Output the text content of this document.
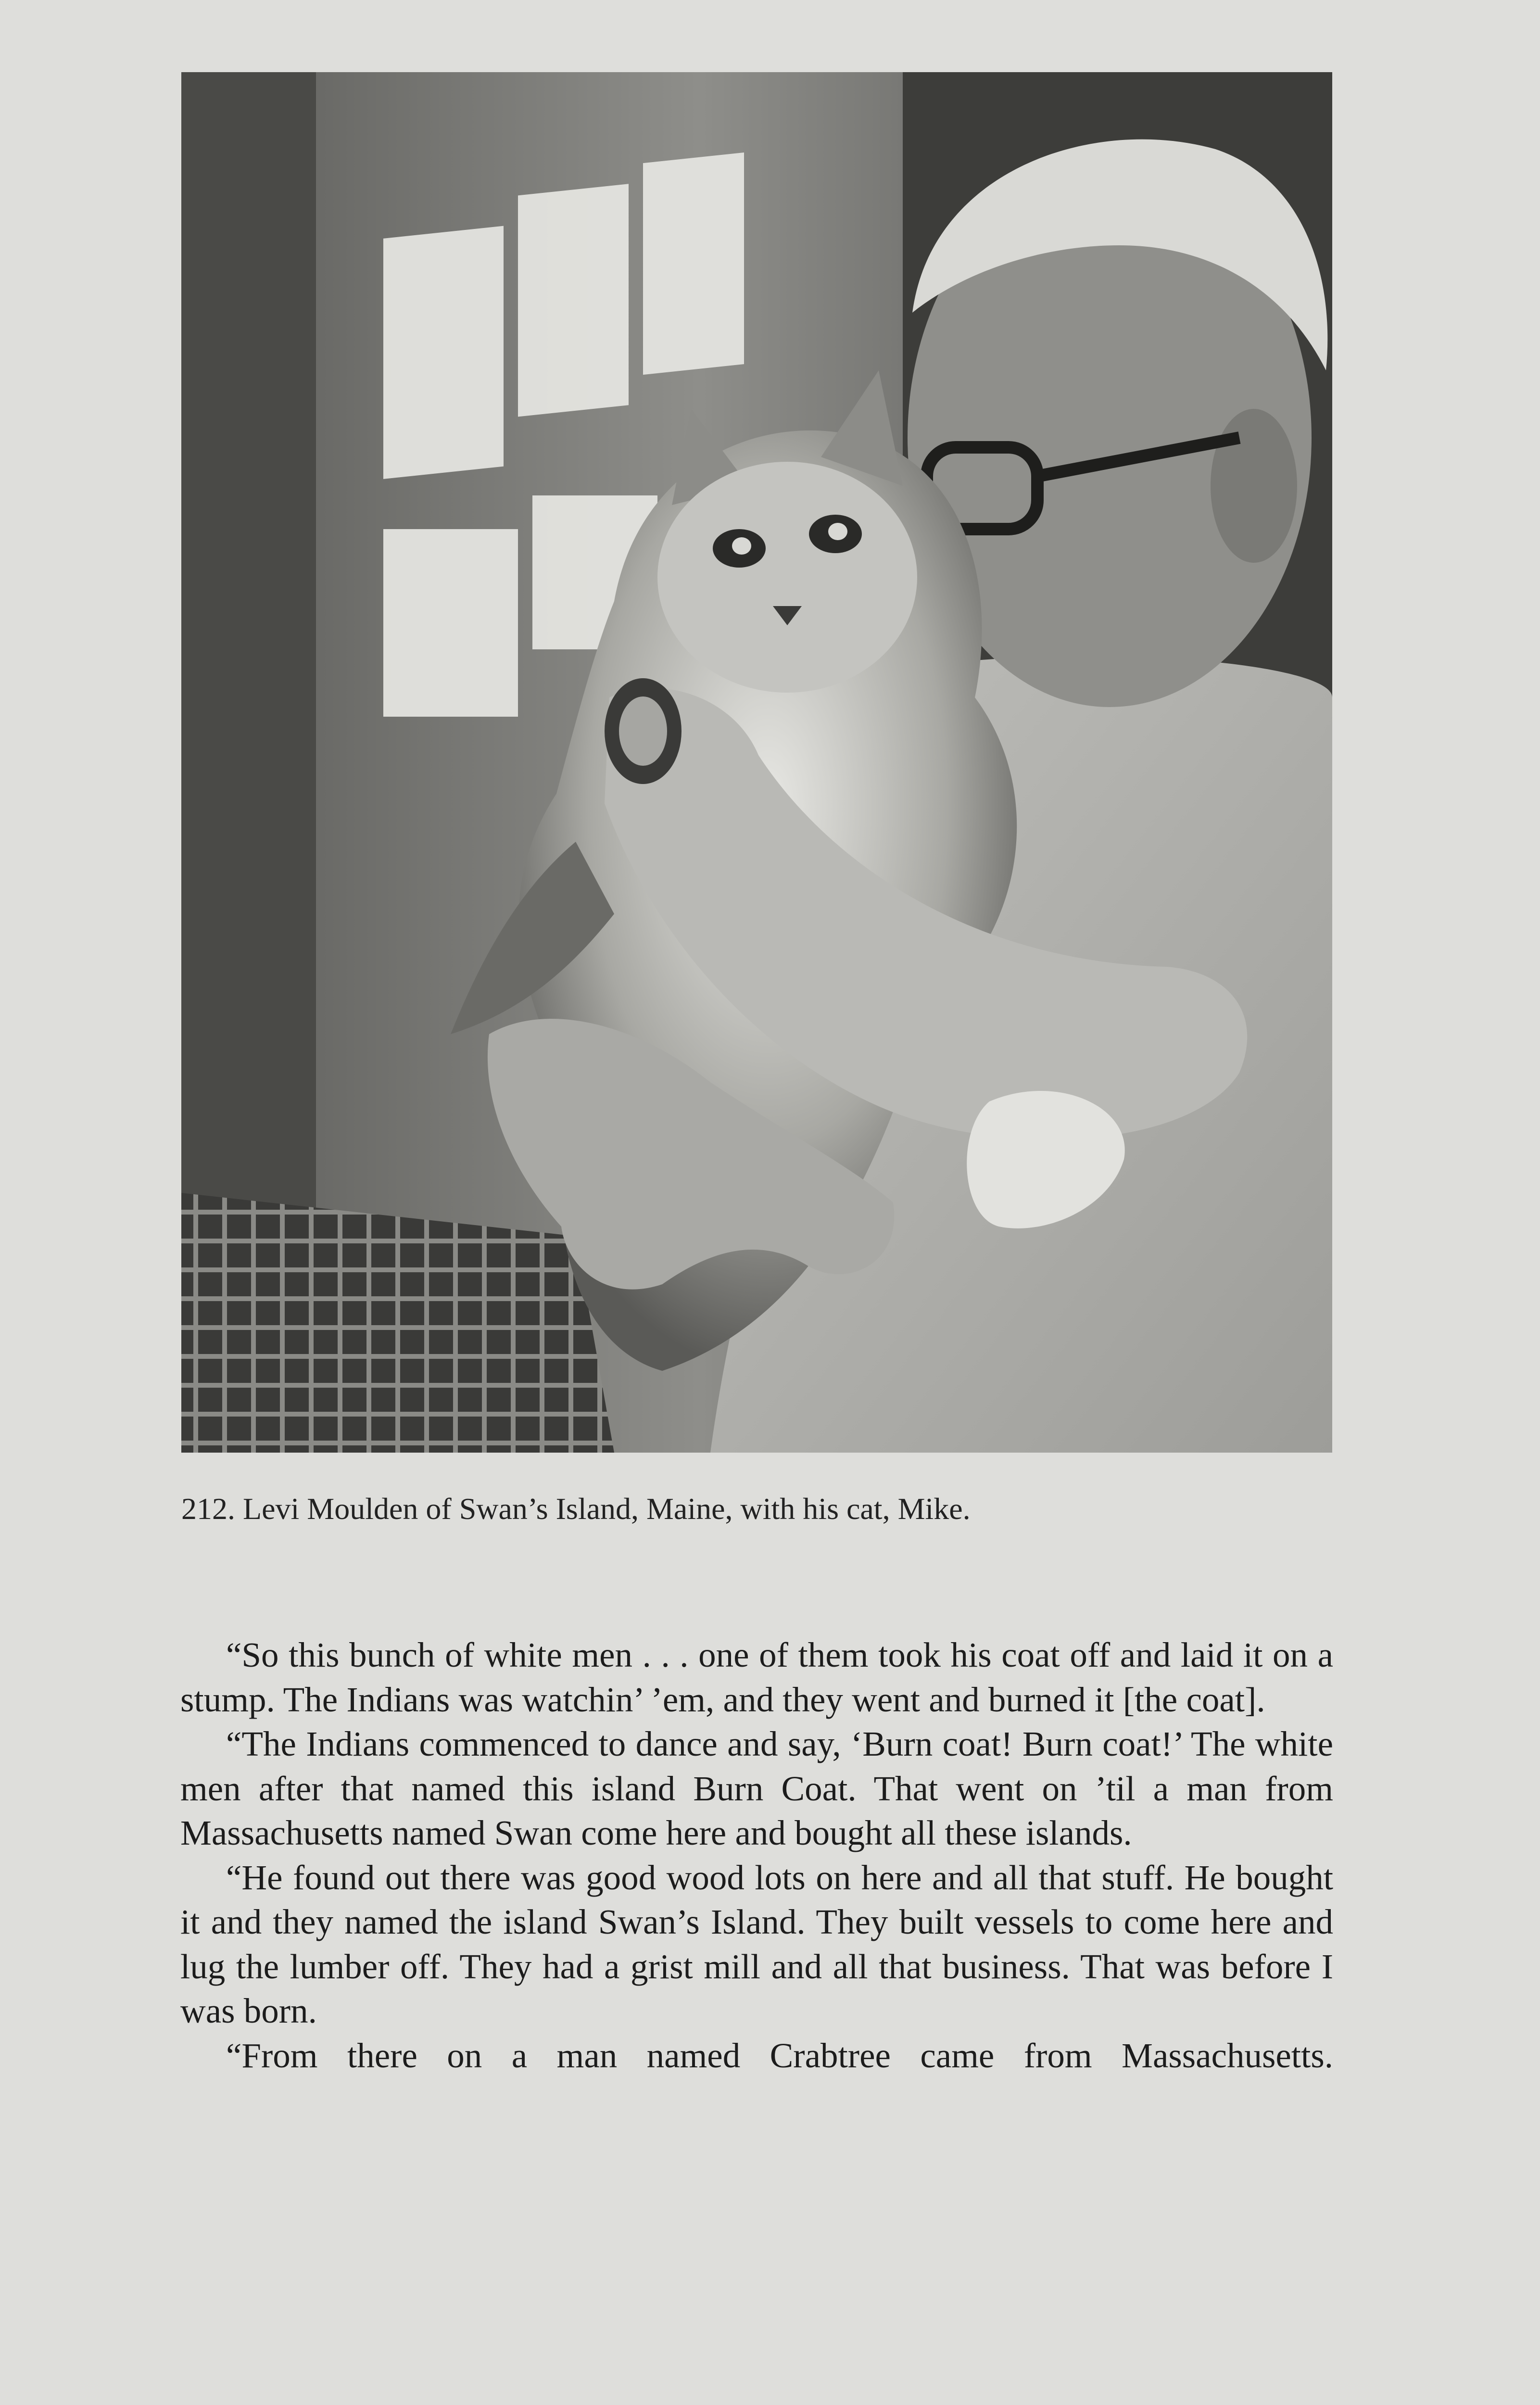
212. Levi Moulden of Swan’s Island, Maine, with his cat, Mike.

“So this bunch of white men . . . one of them took his coat off and laid it on a stump. The Indians was watchin’ ’em, and they went and burned it [the coat].

“The Indians commenced to dance and say, ‘Burn coat! Burn coat!’ The white men after that named this island Burn Coat. That went on ’til a man from Massachusetts named Swan come here and bought all these islands.

“He found out there was good wood lots on here and all that stuff. He bought it and they named the island Swan’s Island. They built vessels to come here and lug the lumber off. They had a grist mill and all that business. That was before I was born.

“From there on a man named Crabtree came from Massachusetts.
